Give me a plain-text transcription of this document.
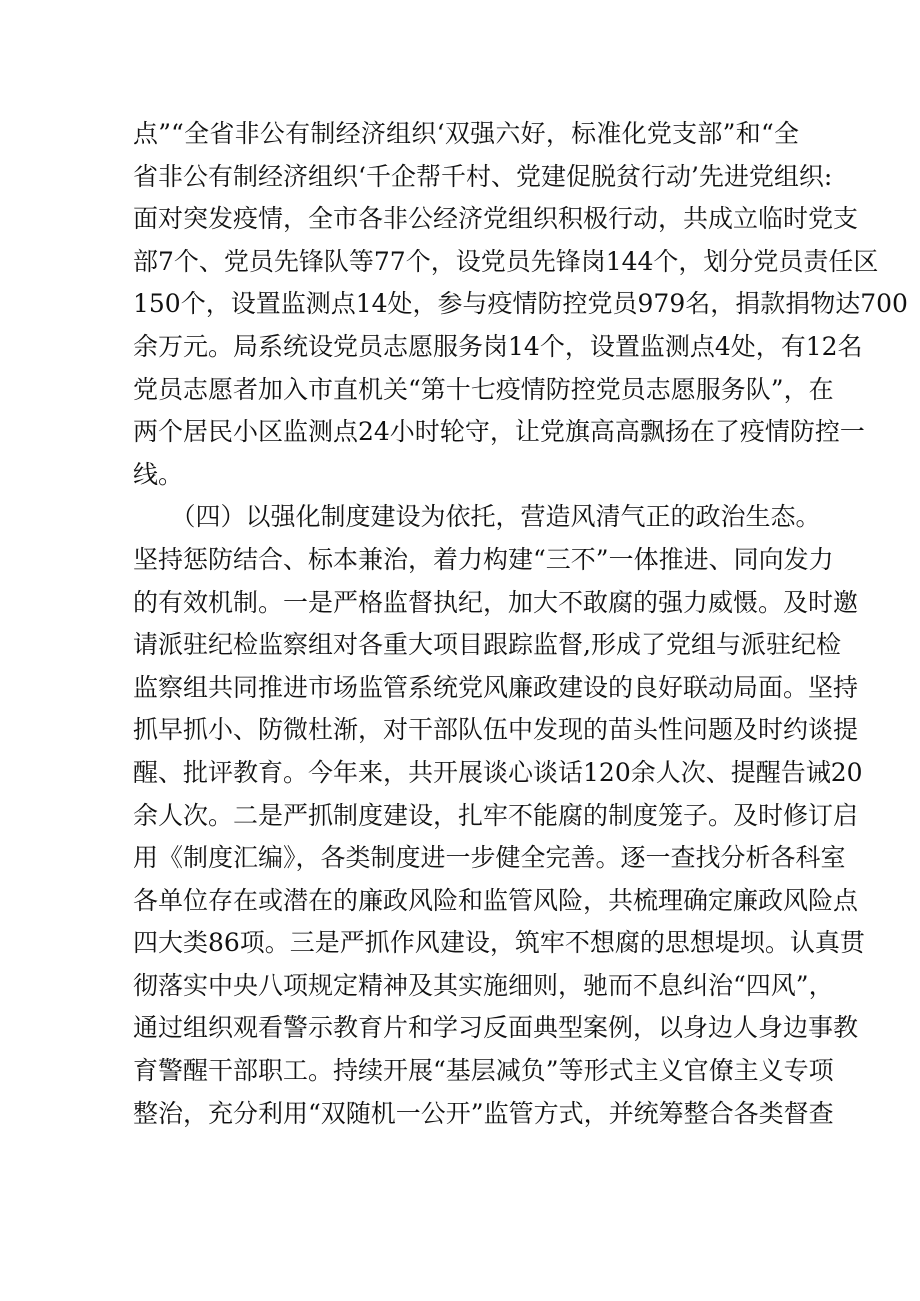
点”“全省非公有制经济组织‘双强六好，标准化党支部”和“全
省非公有制经济组织‘千企帮千村、党建促脱贫行动’先进党组织:
面对突发疫情，全市各非公经济党组织积极行动，共成立临时党支
部7个、党员先锋队等77个，设党员先锋岗144个，划分党员责任区
150个，设置监测点14处，参与疫情防控党员979名，捐款捐物达700
余万元。局系统设党员志愿服务岗14个，设置监测点4处，有12名
党员志愿者加入市直机关“第十七疫情防控党员志愿服务队”，在
两个居民小区监测点24小时轮守，让党旗高高飘扬在了疫情防控一
线。
　　（四）以强化制度建设为依托，营造风清气正的政治生态。
坚持惩防结合、标本兼治，着力构建“三不”一体推进、同向发力
的有效机制。一是严格监督执纪，加大不敢腐的强力威慑。及时邀
请派驻纪检监察组对各重大项目跟踪监督,形成了党组与派驻纪检
监察组共同推进市场监管系统党风廉政建设的良好联动局面。坚持
抓早抓小、防微杜渐，对干部队伍中发现的苗头性问题及时约谈提
醒、批评教育。今年来，共开展谈心谈话120余人次、提醒告诫20
余人次。二是严抓制度建设，扎牢不能腐的制度笼子。及时修订启
用《制度汇编》，各类制度进一步健全完善。逐一查找分析各科室
各单位存在或潜在的廉政风险和监管风险，共梳理确定廉政风险点
四大类86项。三是严抓作风建设，筑牢不想腐的思想堤坝。认真贯
彻落实中央八项规定精神及其实施细则，驰而不息纠治“四风”，
通过组织观看警示教育片和学习反面典型案例，以身边人身边事教
育警醒干部职工。持续开展“基层减负”等形式主义官僚主义专项
整治，充分利用“双随机一公开”监管方式，并统筹整合各类督查
